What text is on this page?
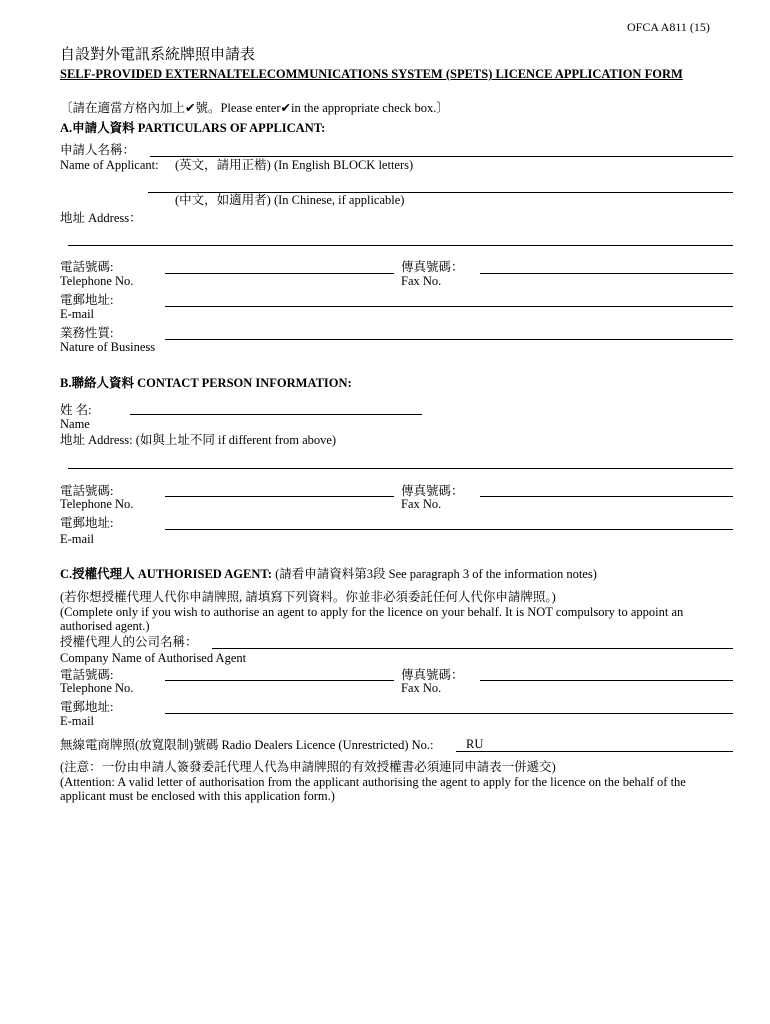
OFCA A811 (15)
自設對外電訊系統牌照申請表
SELF-PROVIDED EXTERNALTELECOMMUNICATIONS SYSTEM (SPETS) LICENCE APPLICATION FORM
〔請在適當方格內加上✔號。Please enter✔in the appropriate check box.〕
A.申請人資料 PARTICULARS OF APPLICANT:
申請人名稱：
Name of Applicant: (英文，請用正楷) (In English BLOCK letters)
(中文，如適用者) (In Chinese, if applicable)
地址 Address：
電話號碼:
Telephone No.
傳真號碼：
Fax No.
電郵地址:
E-mail
業務性質:
Nature of Business
B.聯絡人資料 CONTACT PERSON INFORMATION:
姓 名:
Name
地址 Address: (如與上址不同 if different from above)
電話號碼:
Telephone No.
傳真號碼：
Fax No.
電郵地址:
E-mail
C.授權代理人 AUTHORISED AGENT: (請看申請資料第3段 See paragraph 3 of the information notes)
(若你想授權代理人代你申請牌照, 請填寫下列資料。你並非必須委託任何人代你申請牌照。)
(Complete only if you wish to authorise an agent to apply for the licence on your behalf. It is NOT compulsory to appoint an authorised agent.)
授權代理人的公司名稱：
Company Name of Authorised Agent
電話號碼:
Telephone No.
傳真號碼：
Fax No.
電郵地址:
E-mail
無線電商牌照(放寬限制)號碼 Radio Dealers Licence (Unrestricted) No.:	RU
(注意：一份由申請人簽發委託代理人代為申請牌照的有效授權書必須連同申請表一併遞交)
(Attention: A valid letter of authorisation from the applicant authorising the agent to apply for the licence on the behalf of the applicant must be enclosed with this application form.)
